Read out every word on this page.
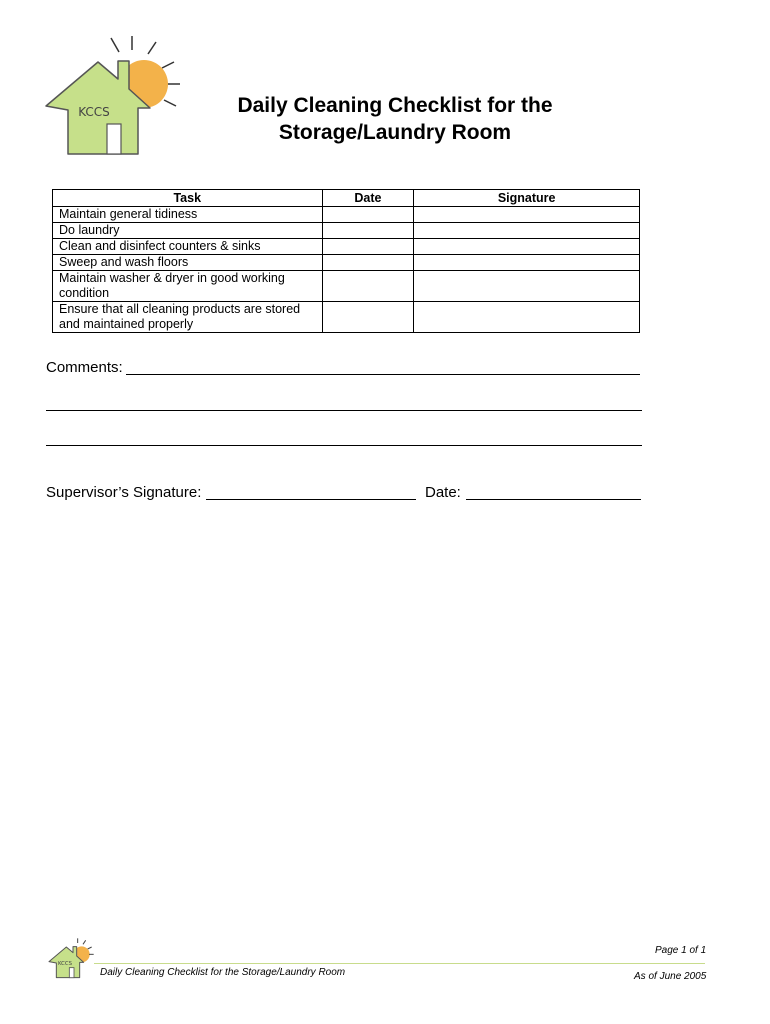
KCCS	Daily Cleaning Checklist for the
Storage/Laundry Room
Task	Date	Signature
Maintain general tidiness		
Do laundry		
Clean and disinfect counters & sinks		
Sweep and wash floors		
Maintain washer & dryer in good working condition		
Ensure that all cleaning products are stored and maintained properly		
Comments:
Supervisor’s Signature:	Date:
KCCS
Page 1 of 1
Daily Cleaning Checklist for the Storage/Laundry Room	As of June 2005
